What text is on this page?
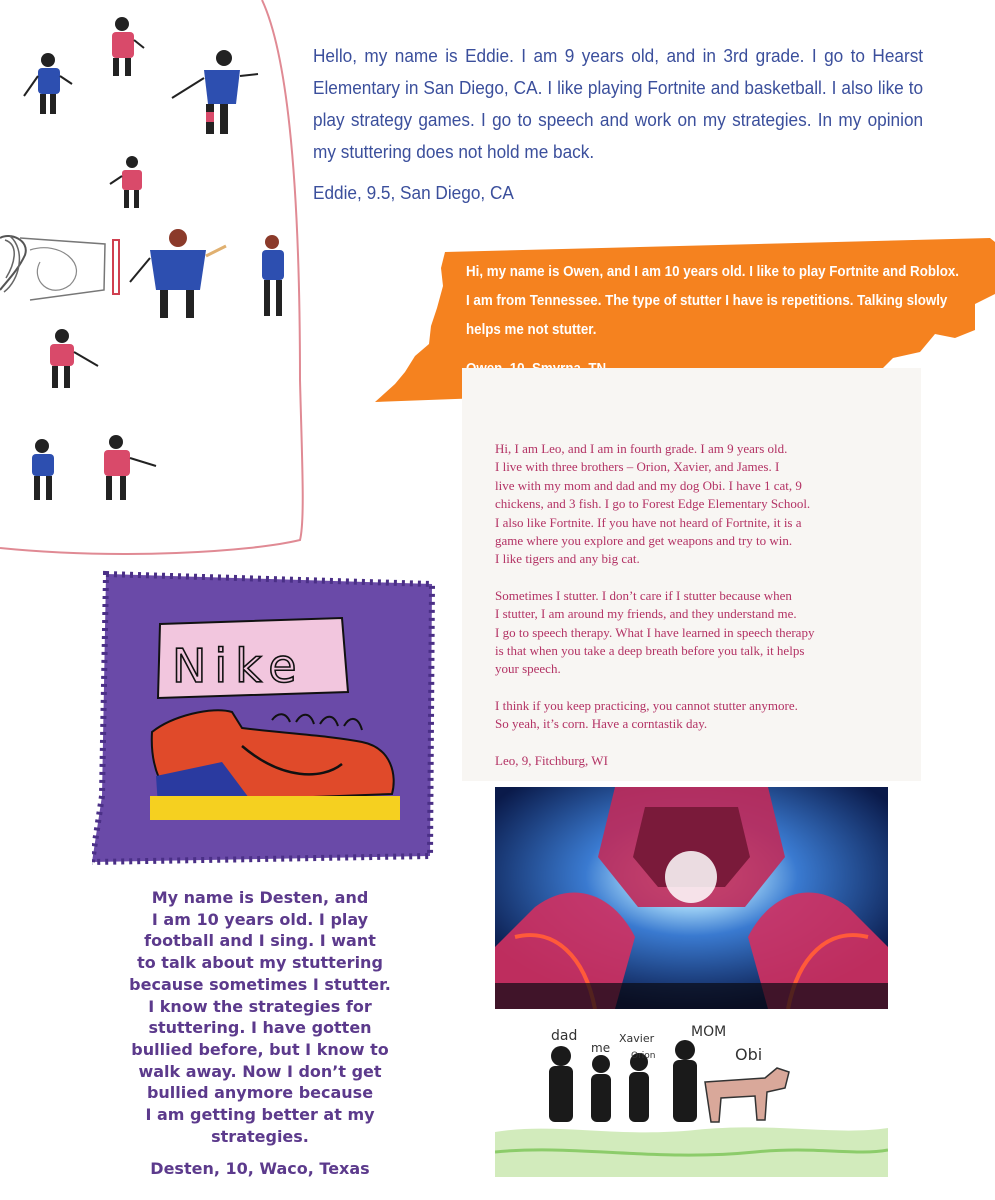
Hello, my name is Eddie. I am 9 years old, and in 3rd grade. I go to Hearst Elementary in San Diego, CA. I like playing Fortnite and basketball. I also like to play strategy games. I go to speech and work on my strategies. In my opinion my stuttering does not hold me back.

Eddie, 9.5, San Diego, CA

Hi, my name is Owen, and I am 10 years old. I like to play Fortnite and Roblox. I am from Tennessee. The type of stutter I have is repetitions. Talking slowly helps me not stutter.

Hi, I am Leo, and I am in fourth grade. I am 9 years old.
I live with three brothers – Orion, Xavier, and James. I
live with my mom and dad and my dog Obi. I have 1 cat, 9
chickens, and 3 fish. I go to Forest Edge Elementary School.
I also like Fortnite. If you have not heard of Fortnite, it is a
game where you explore and get weapons and try to win.
I like tigers and any big cat.

Sometimes I stutter. I don’t care if I stutter because when
I stutter, I am around my friends, and they understand me.
I go to speech therapy. What I have learned in speech therapy
is that when you take a deep breath before you talk, it helps
your speech.

I think if you keep practicing, you cannot stutter anymore.
So yeah, it’s corn. Have a corntastik day.

Leo, 9, Fitchburg, WI

Nike
My name is Desten, and
I am 10 years old. I play
football and I sing. I want
to talk about my stuttering
because sometimes I stutter.
I know the strategies for
stuttering. I have gotten
bullied before, but I know to
walk away. Now I don’t get
bullied anymore because
I am getting better at my
strategies.
Desten, 10, Waco, Texas
dad
me
Xavier
Orion
MOM
Obi
